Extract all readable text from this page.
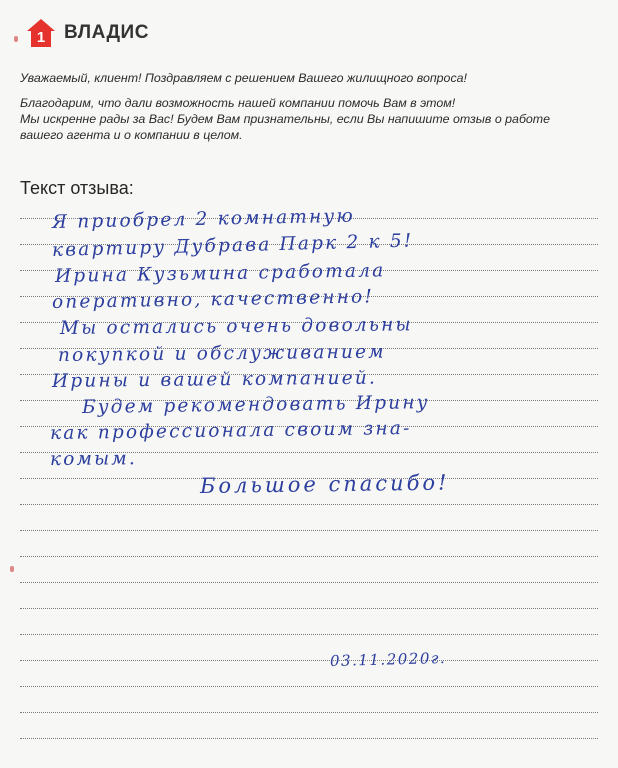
1 ВЛАДИС

Уважаемый, клиент! Поздравляем с решением Вашего жилищного вопроса!

Благодарим, что дали возможность нашей компании помочь Вам в этом!
Мы искренне рады за Вас! Будем Вам признательны, если Вы напишите отзыв о работе
вашего агента и о компании в целом.

Текст отзыва:
Я приобрел 2 комнатную
квартиру Дубрава Парк 2 к 5!
Ирина Кузьмина сработала
оперативно, качественно!
Мы остались очень довольны
покупкой и обслуживанием
Ирины и вашей компанией.
Будем рекомендовать Ирину
как профессионала своим зна-
комым.
Большое спасибо!
03.11.2020г.
